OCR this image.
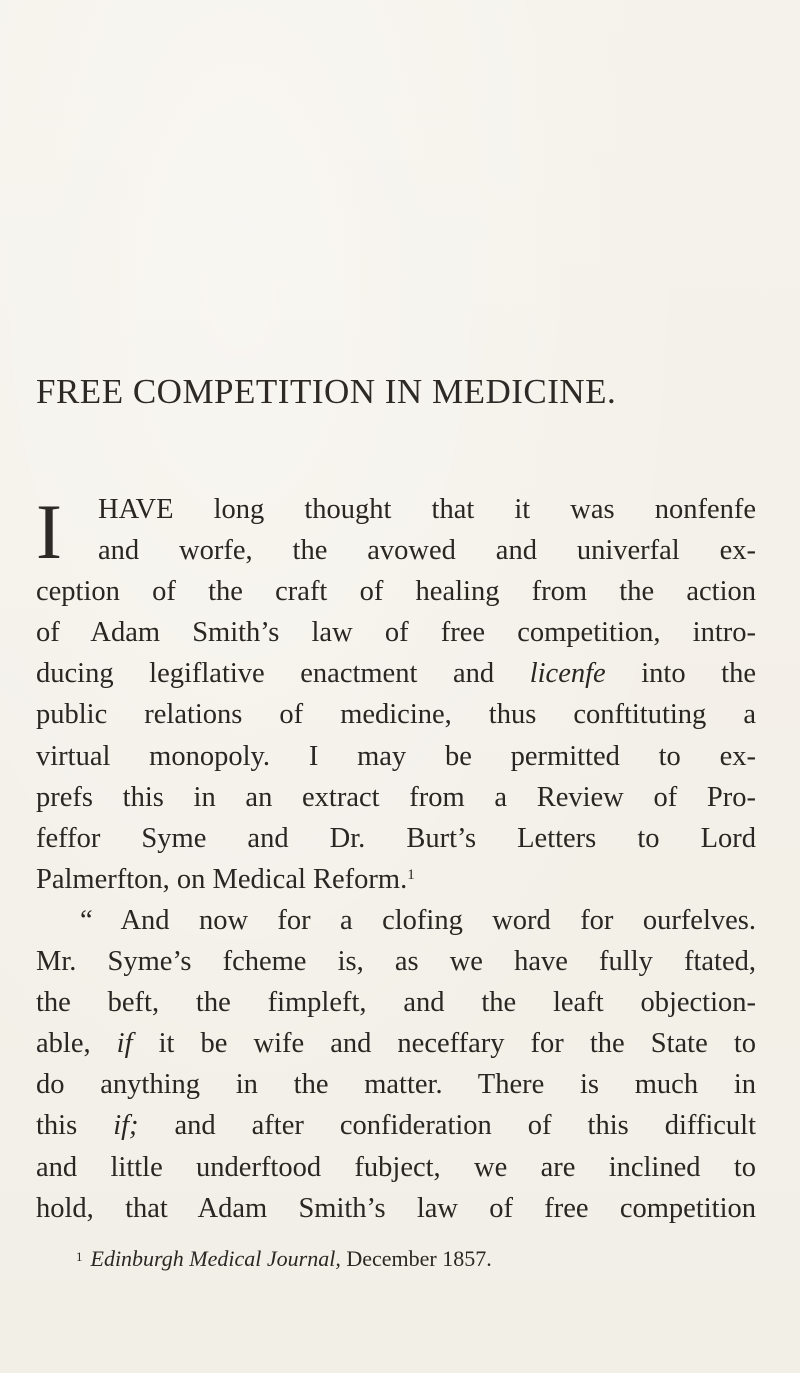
FREE COMPETITION IN MEDICINE.
I HAVE long thought that it was nonfenfe
and worfe, the avowed and univerfal ex-
ception of the craft of healing from the action
of Adam Smith’s law of free competition, intro-
ducing legiflative enactment and licenfe into the
public relations of medicine, thus conftituting a
virtual monopoly. I may be permitted to ex-
prefs this in an extract from a Review of Pro-
feffor Syme and Dr. Burt’s Letters to Lord
Palmerfton, on Medical Reform.$^1$
“ And now for a clofing word for ourfelves.
Mr. Syme’s fcheme is, as we have fully ftated,
the beft, the fimpleft, and the leaft objection-
able, if it be wife and neceffary for the State to
do anything in the matter. There is much in
this if; and after confideration of this difficult
and little underftood fubject, we are inclined to
hold, that Adam Smith’s law of free competition
$^1$ Edinburgh Medical Journal, December 1857.
